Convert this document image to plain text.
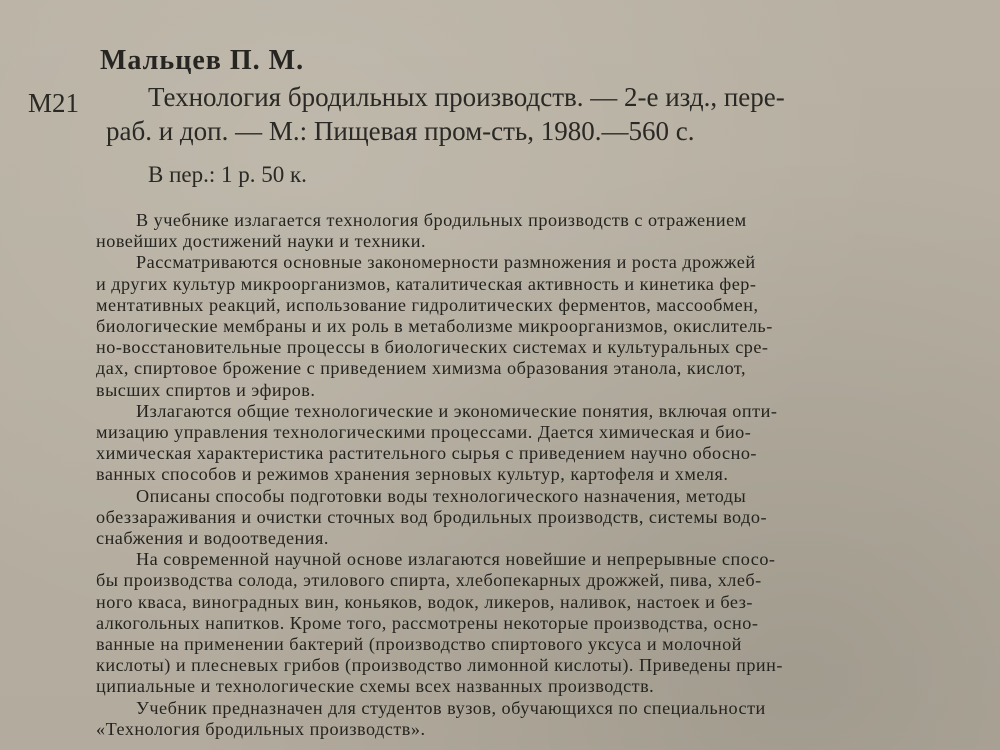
Мальцев П. М.
М21	Технология бродильных производств. — 2-е изд., пере-
раб. и доп. — М.: Пищевая пром-сть, 1980.—560 с.
В пер.: 1 р. 50 к.
В учебнике излагается технология бродильных производств с отражением
новейших достижений науки и техники.
Рассматриваются основные закономерности размножения и роста дрожжей
и других культур микроорганизмов, каталитическая активность и кинетика фер-
ментативных реакций, использование гидролитических ферментов, массообмен,
биологические мембраны и их роль в метаболизме микроорганизмов, окислитель-
но-восстановительные процессы в биологических системах и культуральных сре-
дах, спиртовое брожение с приведением химизма образования этанола, кислот,
высших спиртов и эфиров.
Излагаются общие технологические и экономические понятия, включая опти-
мизацию управления технологическими процессами. Дается химическая и био-
химическая характеристика растительного сырья с приведением научно обосно-
ванных способов и режимов хранения зерновых культур, картофеля и хмеля.
Описаны способы подготовки воды технологического назначения, методы
обеззараживания и очистки сточных вод бродильных производств, системы водо-
снабжения и водоотведения.
На современной научной основе излагаются новейшие и непрерывные спосо-
бы производства солода, этилового спирта, хлебопекарных дрожжей, пива, хлеб-
ного кваса, виноградных вин, коньяков, водок, ликеров, наливок, настоек и без-
алкогольных напитков. Кроме того, рассмотрены некоторые производства, осно-
ванные на применении бактерий (производство спиртового уксуса и молочной
кислоты) и плесневых грибов (производство лимонной кислоты). Приведены прин-
ципиальные и технологические схемы всех названных производств.
Учебник предназначен для студентов вузов, обучающихся по специальности
«Технология бродильных производств».
